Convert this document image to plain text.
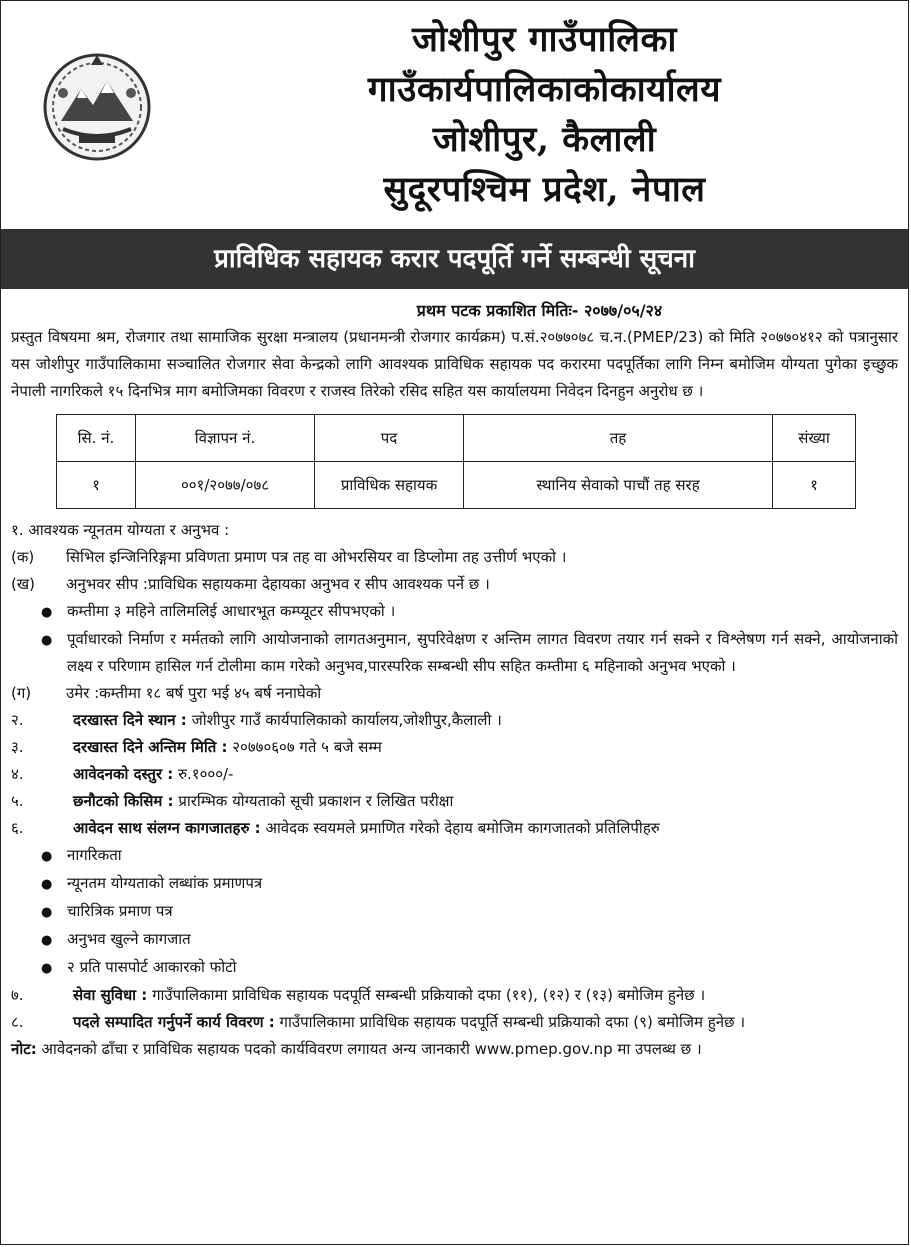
जोशीपुर गाउँपालिका
गाउँकार्यपालिकाकोकार्यालय
जोशीपुर, कैलाली
सुदूरपश्चिम प्रदेश, नेपाल
प्राविधिक सहायक करार पदपूर्ति गर्ने सम्बन्धी सूचना
प्रथम पटक प्रकाशित मितिः- २०७७/०५/२४
प्रस्तुत विषयमा श्रम, रोजगार तथा सामाजिक सुरक्षा मन्त्रालय (प्रधानमन्त्री रोजगार कार्यक्रम) प.सं.२०७७०७८ च.न.(PMEP/23) को मिति २०७७०४१२ को पत्रानुसार यस जोशीपुर गाउँपालिकामा सञ्चालित रोजगार सेवा केन्द्रको लागि आवश्यक प्राविधिक सहायक पद करारमा पदपूर्तिका लागि निम्न बमोजिम योग्यता पुगेका इच्छुक नेपाली नागरिकले १५ दिनभित्र माग बमोजिमका विवरण र राजस्व तिरेको रसिद सहित यस कार्यालयमा निवेदन दिनहुन अनुरोध छ ।
सि. नं.	विज्ञापन नं.	पद	तह	संख्या
१	००१/२०७७/०७८	प्राविधिक सहायक	स्थानिय सेवाको पाचौं तह सरह	१
१. आवश्यक न्यूनतम योग्यता र अनुभव :
(क)	सिभिल इन्जिनिरिङ्गमा प्रविणता प्रमाण पत्र तह वा ओभरसियर वा डिप्लोमा तह उत्तीर्ण भएको ।
(ख)	अनुभवर सीप :प्राविधिक सहायकमा देहायका अनुभव र सीप आवश्यक पर्ने छ ।
●
कम्तीमा ३ महिने तालिमलिई आधारभूत कम्प्यूटर सीपभएको ।
●
पूर्वाधारको निर्माण र मर्मतको लागि आयोजनाको लागतअनुमान, सुपरिवेक्षण र अन्तिम लागत विवरण तयार गर्न सक्ने र विश्लेषण गर्न सक्ने, आयोजनाको लक्ष्य र परिणाम हासिल गर्न टोलीमा काम गरेको अनुभव,पारस्परिक सम्बन्धी सीप सहित कम्तीमा ६ महिनाको अनुभव भएको ।
(ग)	उमेर :कम्तीमा १८ बर्ष पुरा भई ४५ बर्ष ननाघेको
२.	दरखास्त दिने स्थान : जोशीपुर गाउँ कार्यपालिकाको कार्यालय,जोशीपुर,कैलाली ।
३.	दरखास्त दिने अन्तिम मिति : २०७७०६०७ गते ५ बजे सम्म
४.	आवेदनको दस्तुर : रु.१०००/-
५.	छनौटको किसिम : प्रारम्भिक योग्यताको सूची प्रकाशन र लिखित परीक्षा
६.	आवेदन साथ संलग्न कागजातहरु : आवेदक स्वयमले प्रमाणित गरेको देहाय बमोजिम कागजातको प्रतिलिपीहरु
●
नागरिकता
●
न्यूनतम योग्यताको लब्धांक प्रमाणपत्र
●
चारित्रिक प्रमाण पत्र
●
अनुभव खुल्ने कागजात
●
२ प्रति पासपोर्ट आकारको फोटो
७.	सेवा सुविधा : गाउँपालिकामा प्राविधिक सहायक पदपूर्ति सम्बन्धी प्रक्रियाको दफा (११), (१२) र (१३) बमोजिम हुनेछ ।
८.	पदले सम्पादित गर्नुपर्ने कार्य विवरण : गाउँपालिकामा प्राविधिक सहायक पदपूर्ति सम्बन्धी प्रक्रियाको दफा (९) बमोजिम हुनेछ ।
नोट: आवेदनको ढाँचा र प्राविधिक सहायक पदको कार्यविवरण लगायत अन्य जानकारी www.pmep.gov.np मा उपलब्ध छ ।
